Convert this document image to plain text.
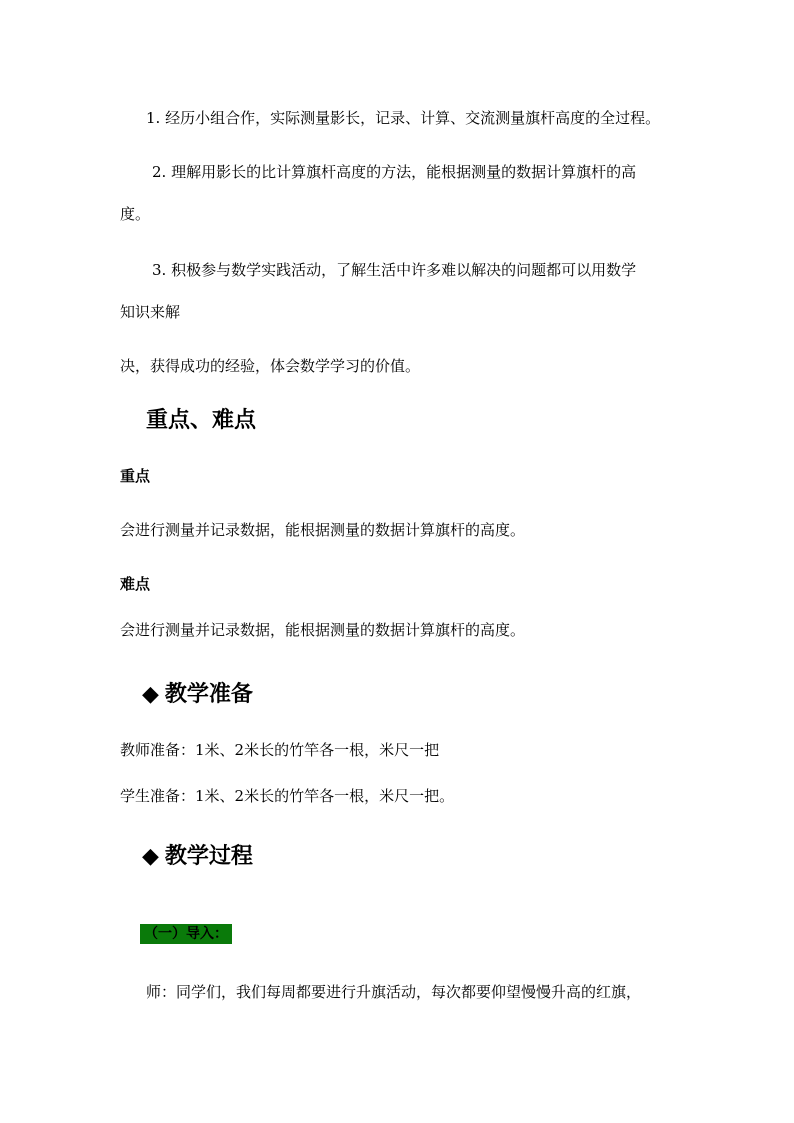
1. 经历小组合作，实际测量影长，记录、计算、交流测量旗杆高度的全过程。
2. 理解用影长的比计算旗杆高度的方法，能根据测量的数据计算旗杆的高
度。
3. 积极参与数学实践活动，了解生活中许多难以解决的问题都可以用数学
知识来解
决，获得成功的经验，体会数学学习的价值。
重点、难点
重点
会进行测量并记录数据，能根据测量的数据计算旗杆的高度。
难点
会进行测量并记录数据，能根据测量的数据计算旗杆的高度。
◆ 教学准备
教师准备：1米、2米长的竹竿各一根，米尺一把
学生准备：1米、2米长的竹竿各一根，米尺一把。
◆ 教学过程
（一）导入：
师：同学们，我们每周都要进行升旗活动，每次都要仰望慢慢升高的红旗，
